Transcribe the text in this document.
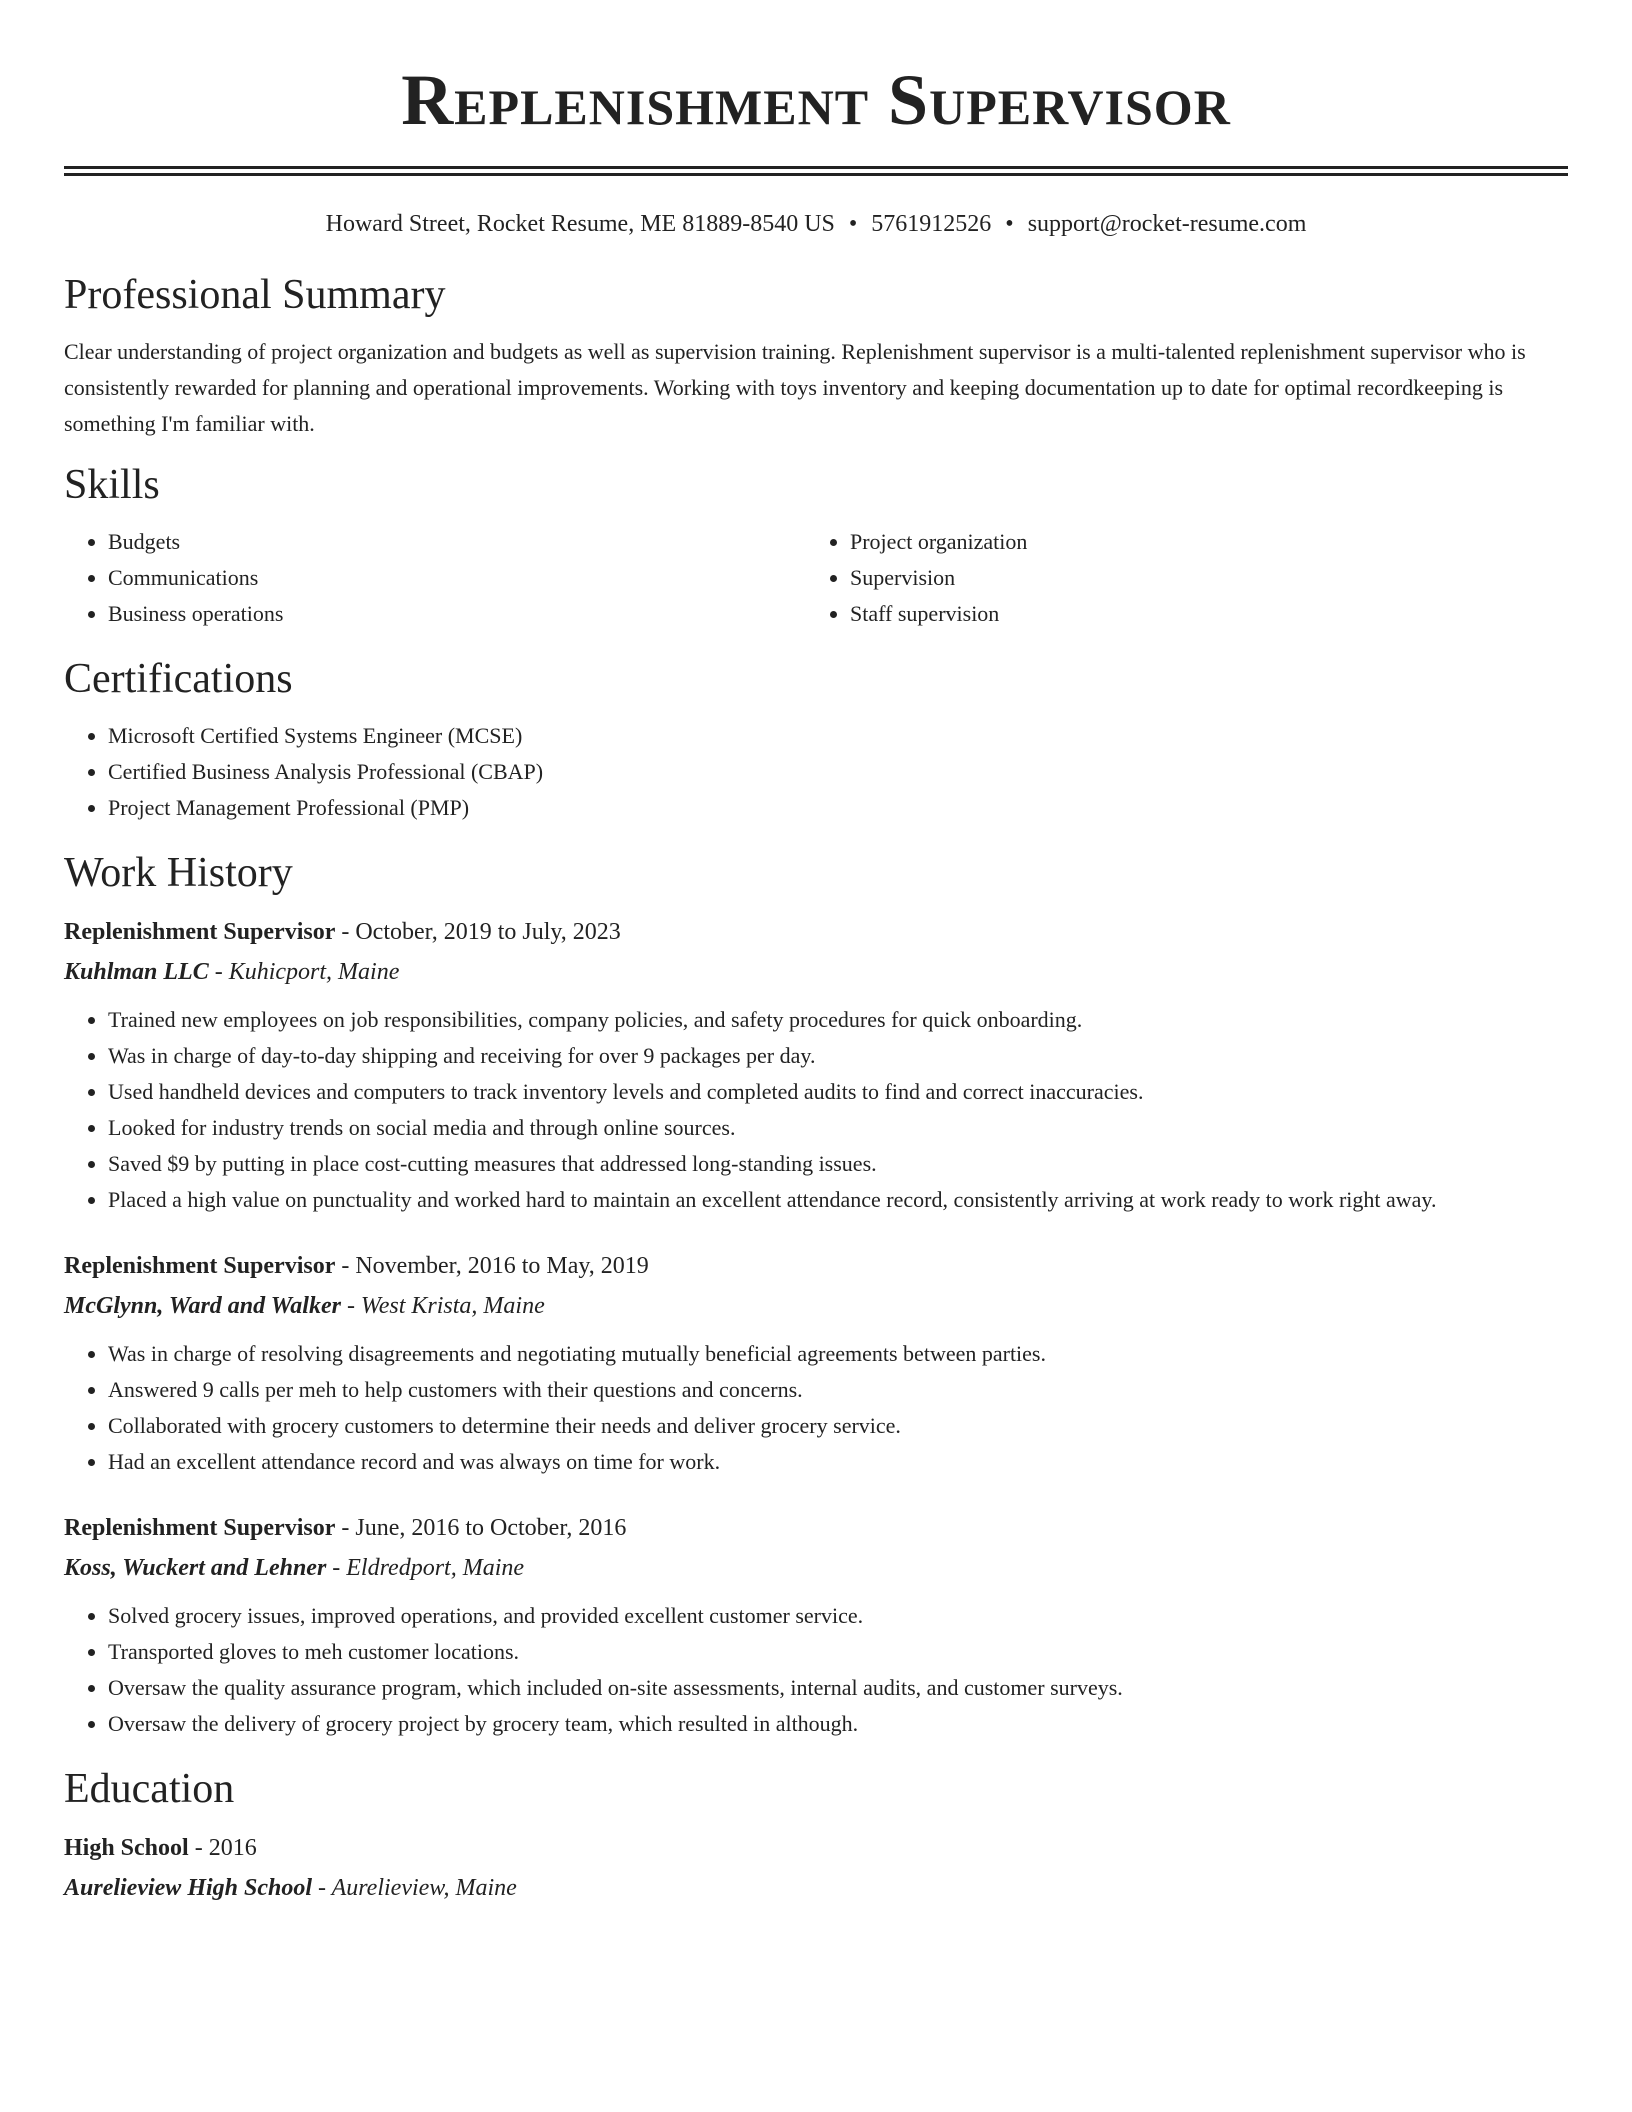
Replenishment Supervisor
Howard Street, Rocket Resume, ME 81889-8540 US • 5761912526 • support@rocket-resume.com
Professional Summary
Clear understanding of project organization and budgets as well as supervision training. Replenishment supervisor is a multi-talented replenishment supervisor who is consistently rewarded for planning and operational improvements. Working with toys inventory and keeping documentation up to date for optimal recordkeeping is something I'm familiar with.
Skills
• Budgets
• Communications
• Business operations
• Project organization
• Supervision
• Staff supervision
Certifications
• Microsoft Certified Systems Engineer (MCSE)
• Certified Business Analysis Professional (CBAP)
• Project Management Professional (PMP)
Work History
Replenishment Supervisor - October, 2019 to July, 2023
Kuhlman LLC - Kuhicport, Maine
• Trained new employees on job responsibilities, company policies, and safety procedures for quick onboarding.
• Was in charge of day-to-day shipping and receiving for over 9 packages per day.
• Used handheld devices and computers to track inventory levels and completed audits to find and correct inaccuracies.
• Looked for industry trends on social media and through online sources.
• Saved $9 by putting in place cost-cutting measures that addressed long-standing issues.
• Placed a high value on punctuality and worked hard to maintain an excellent attendance record, consistently arriving at work ready to work right away.
Replenishment Supervisor - November, 2016 to May, 2019
McGlynn, Ward and Walker - West Krista, Maine
• Was in charge of resolving disagreements and negotiating mutually beneficial agreements between parties.
• Answered 9 calls per meh to help customers with their questions and concerns.
• Collaborated with grocery customers to determine their needs and deliver grocery service.
• Had an excellent attendance record and was always on time for work.
Replenishment Supervisor - June, 2016 to October, 2016
Koss, Wuckert and Lehner - Eldredport, Maine
• Solved grocery issues, improved operations, and provided excellent customer service.
• Transported gloves to meh customer locations.
• Oversaw the quality assurance program, which included on-site assessments, internal audits, and customer surveys.
• Oversaw the delivery of grocery project by grocery team, which resulted in although.
Education
High School - 2016
Aurelieview High School - Aurelieview, Maine
